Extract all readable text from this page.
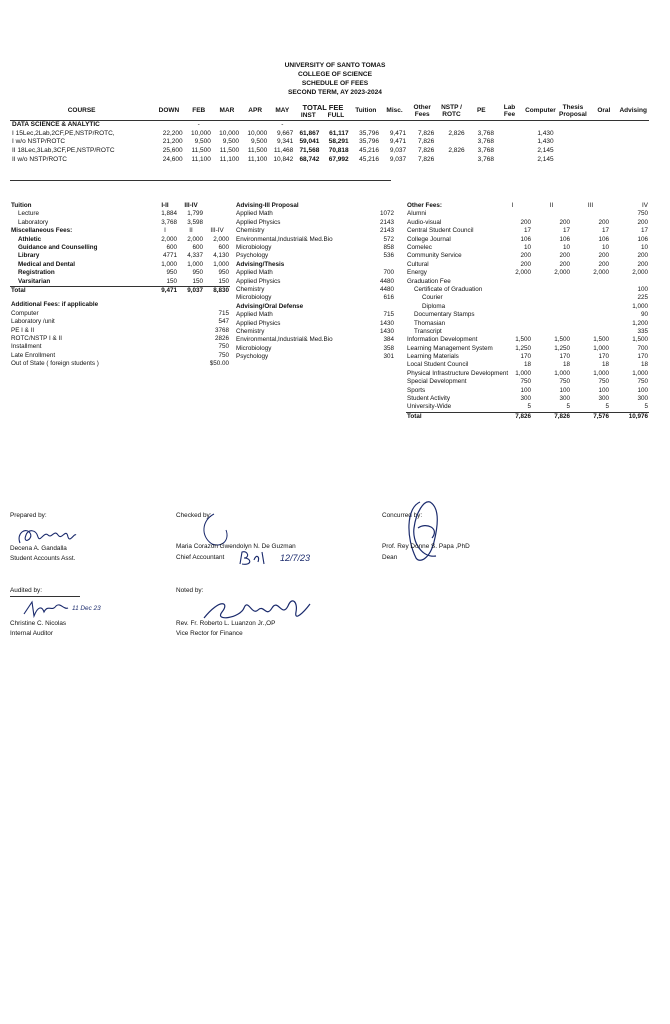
UNIVERSITY OF SANTO TOMAS
COLLEGE OF SCIENCE
SCHEDULE OF FEES
SECOND TERM, AY 2023-2024
COURSE	DOWN	FEB	MAR	APR	MAY	TOTAL FEE		Tuition	Misc.	Other Fees	NSTP / ROTC	PE	Lab Fee	Computer	Thesis Proposal	Oral	Advising
						INST	FULL										
DATA SCIENCE & ANALYTIC		-			-												
I 15Lec,2Lab,2CF,PE,NSTP/ROTC,	22,200	10,000	10,000	10,000	9,667	61,867	61,117	35,796	9,471	7,826	2,826	3,768		1,430			
I w/o NSTP/ROTC	21,200	9,500	9,500	9,500	9,341	59,041	58,291	35,796	9,471	7,826		3,768		1,430			
II 18Lec,3Lab,3CF,PE,NSTP/ROTC	25,600	11,500	11,500	11,500	11,468	71,568	70,818	45,216	9,037	7,826	2,826	3,768		2,145			
II w/o NSTP/ROTC	24,600	11,100	11,100	11,100	10,842	68,742	67,992	45,216	9,037	7,826		3,768		2,145			
Tuition	I-II	III-IV	
Lecture	1,884	1,799	
Laboratory	3,768	3,598	

Miscellaneous Fees:	I	II	III-IV
Athletic	2,000	2,000	2,000
Guidance and Counselling	600	600	600
Library	4771	4,337	4,130
Medical and Dental	1,000	1,000	1,000
Registration	950	950	950
Varsitarian	150	150	150
Total	9,471	9,037	8,830

Additional Fees: if applicable			
Computer			715
Laboratory /unit			547
PE I & II			3768
ROTC/NSTP I & II			2826
Installment			750
Late Enrollment			750
Out of State ( foreign students )			$50.00
Advising-III Proposal	
Applied Math	1072
Applied Physics	2143
Chemistry	2143
Environmental,Industrial& Med.Bio	572
Microbiology	858
Psychology	536
Advising/Thesis	
Applied Math	700
Applied Physics	4480
Chemistry	4480
Microbiology	616
Advising/Oral Defense	
Applied Math	715
Applied Physics	1430
Chemistry	1430
Environmental,Industrial& Med.Bio	384
Microbiology	358
Psychology	301
Other Fees:	I	II	III	IV
Alumni				750
Audio-visual	200	200	200	200
Central Student Council	17	17	17	17
College Journal	106	106	106	106
Comelec	10	10	10	10
Community Service	200	200	200	200
Cultural	200	200	200	200
Energy	2,000	2,000	2,000	2,000
Graduation Fee				
Certificate of Graduation				100
Courier				225
Diploma				1,000
Documentary Stamps				90
Thomasian				1,200
Transcript				335
Information Development	1,500	1,500	1,500	1,500
Learning Management System	1,250	1,250	1,000	700
Learning Materials	170	170	170	170
Local Student Council	18	18	18	18
Physical Infrastructure Development	1,000	1,000	1,000	1,000
Special Development	750	750	750	750
Sports	100	100	100	100
Student Activity	300	300	300	300
University-Wide	5	5	5	5
Total	7,826	7,826	7,576	10,976
Prepared by:
Decena A. Gandalla
Student Accounts Asst.
Audited by:
11 Dec 23
Christine C. Nicolas
Internal Auditor
Checked by:
Maria Corazon Gwendolyn N. De Guzman
Chief Accountant	12/7/23
Noted by:
Rev. Fr. Roberto L. Luanzon Jr.,OP
Vice Rector for Finance
Concurred by:
Prof. Rey Donne S. Papa ,PhD
Dean
